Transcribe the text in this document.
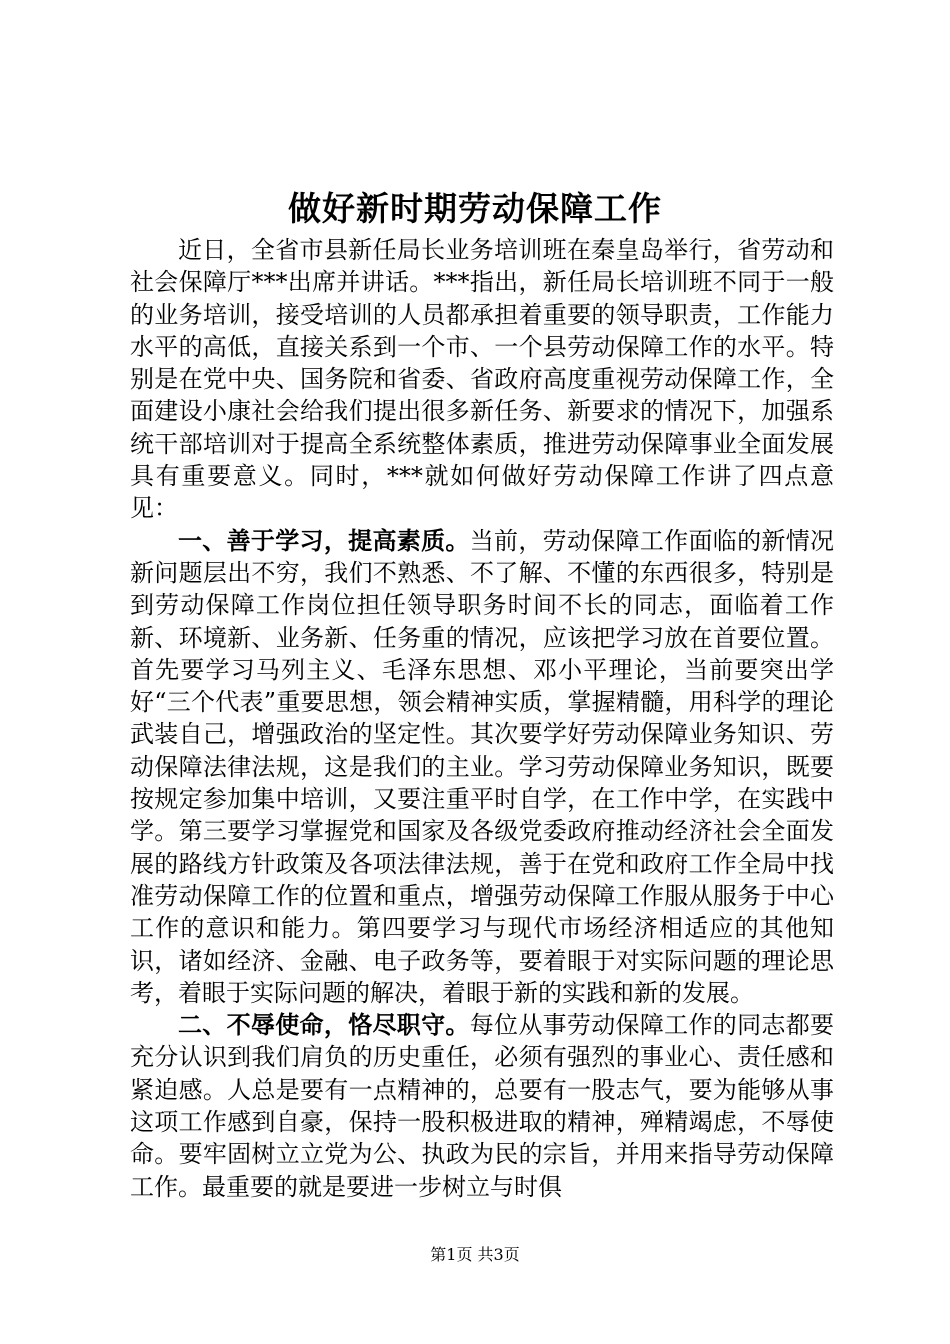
做好新时期劳动保障工作

近日，全省市县新任局长业务培训班在秦皇岛举行，省劳动和社会保障厅***出席并讲话。***指出，新任局长培训班不同于一般的业务培训，接受培训的人员都承担着重要的领导职责，工作能力水平的高低，直接关系到一个市、一个县劳动保障工作的水平。特别是在党中央、国务院和省委、省政府高度重视劳动保障工作，全面建设小康社会给我们提出很多新任务、新要求的情况下，加强系统干部培训对于提高全系统整体素质，推进劳动保障事业全面发展具有重要意义。同时，***就如何做好劳动保障工作讲了四点意见：

一、善于学习，提高素质。当前，劳动保障工作面临的新情况新问题层出不穷，我们不熟悉、不了解、不懂的东西很多，特别是到劳动保障工作岗位担任领导职务时间不长的同志，面临着工作新、环境新、业务新、任务重的情况，应该把学习放在首要位置。首先要学习马列主义、毛泽东思想、邓小平理论，当前要突出学好“三个代表”重要思想，领会精神实质，掌握精髓，用科学的理论武装自己，增强政治的坚定性。其次要学好劳动保障业务知识、劳动保障法律法规，这是我们的主业。学习劳动保障业务知识，既要按规定参加集中培训，又要注重平时自学，在工作中学，在实践中学。第三要学习掌握党和国家及各级党委政府推动经济社会全面发展的路线方针政策及各项法律法规，善于在党和政府工作全局中找准劳动保障工作的位置和重点，增强劳动保障工作服从服务于中心工作的意识和能力。第四要学习与现代市场经济相适应的其他知识，诸如经济、金融、电子政务等，要着眼于对实际问题的理论思考，着眼于实际问题的解决，着眼于新的实践和新的发展。

二、不辱使命，恪尽职守。每位从事劳动保障工作的同志都要充分认识到我们肩负的历史重任，必须有强烈的事业心、责任感和紧迫感。人总是要有一点精神的，总要有一股志气，要为能够从事这项工作感到自豪，保持一股积极进取的精神，殚精竭虑，不辱使命。要牢固树立立党为公、执政为民的宗旨，并用来指导劳动保障工作。最重要的就是要进一步树立与时俱

第1页 共3页
